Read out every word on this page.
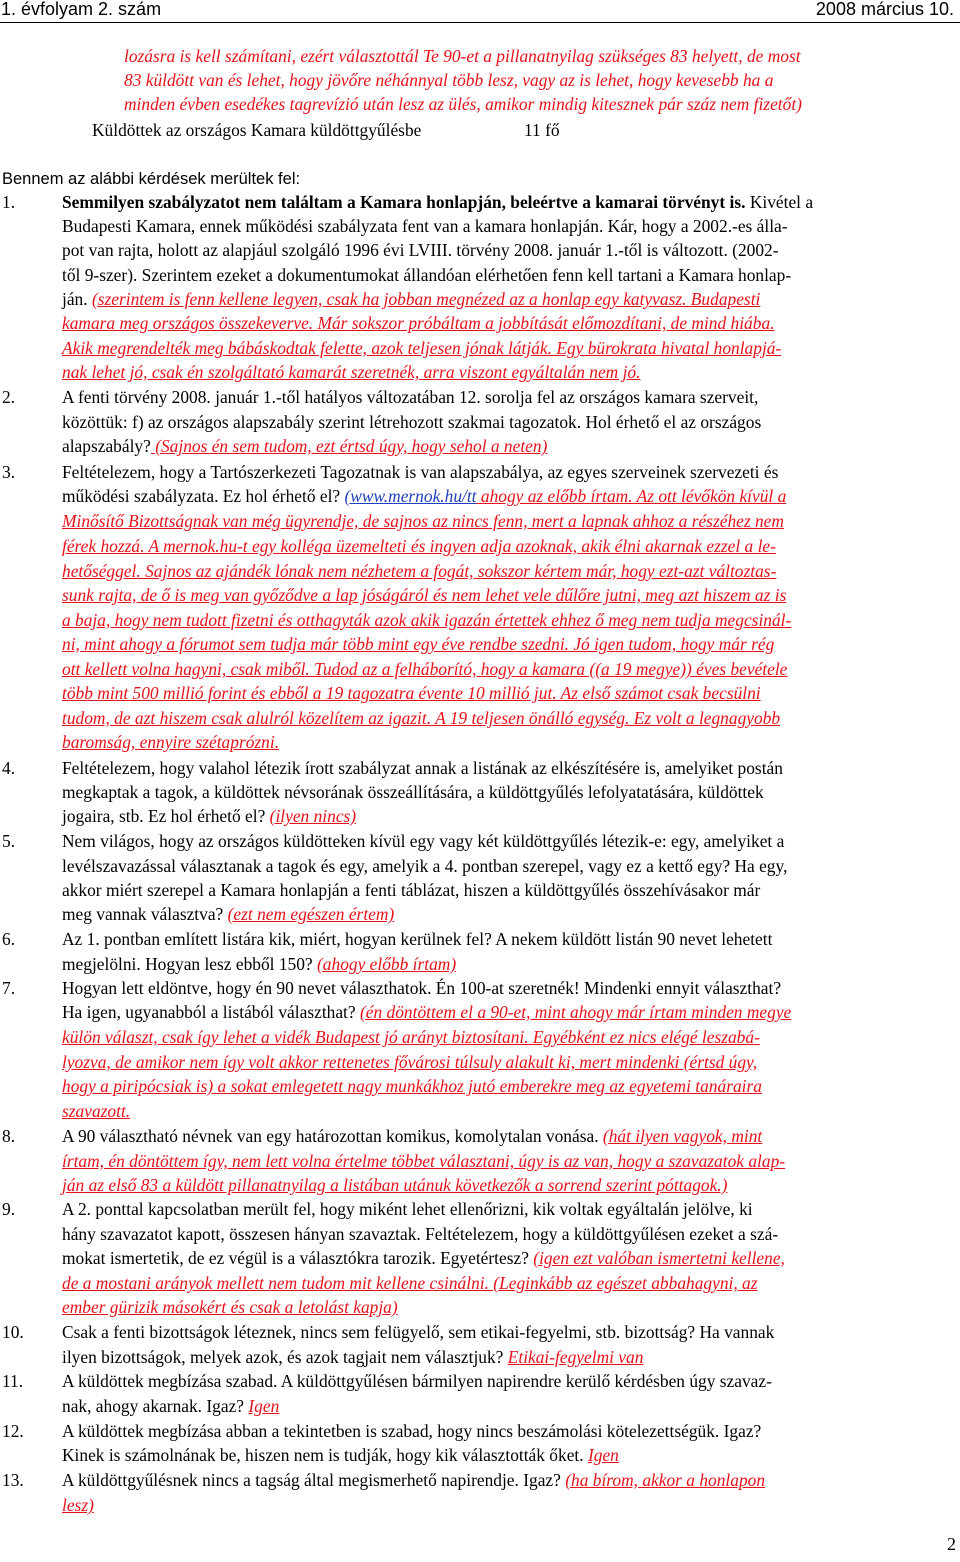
1. évfolyam 2. szám	2008 március 10.
lozásra is kell számítani, ezért választottál Te 90-et a pillanatnyilag szükséges 83 helyett, de most
83 küldött van és lehet, hogy jövőre néhánnyal több lesz, vagy az is lehet, hogy kevesebb ha a
minden évben esedékes tagrevízió után lesz az ülés, amikor mindig kitesznek pár száz nem fizetőt)
Küldöttek az országos Kamara küldöttgyűlésbe	11 fő
Bennem az alábbi kérdések merültek fel:
1.	Semmilyen szabályzatot nem találtam a Kamara honlapján, beleértve a kamarai törvényt is. Kivétel a
Budapesti Kamara, ennek működési szabályzata fent van a kamara honlapján. Kár, hogy a 2002.-es álla-
pot van rajta, holott az alapjául szolgáló 1996 évi LVIII. törvény 2008. január 1.-től is változott. (2002-
től 9-szer). Szerintem ezeket a dokumentumokat állandóan elérhetően fenn kell tartani a Kamara honlap-
ján. (szerintem is fenn kellene legyen, csak ha jobban megnézed az a honlap egy katyvasz. Budapesti
kamara meg országos összekeverve. Már sokszor próbáltam a jobbítását előmozdítani, de mind hiába.
Akik megrendelték meg bábáskodtak felette, azok teljesen jónak látják. Egy bürokrata hivatal honlapjá-
nak lehet jó, csak én szolgáltató kamarát szeretnék, arra viszont egyáltalán nem jó.
2.	A fenti törvény 2008. január 1.-től hatályos változatában 12. sorolja fel az országos kamara szerveit,
közöttük: f) az országos alapszabály szerint létrehozott szakmai tagozatok. Hol érhető el az országos
alapszabály? (Sajnos én sem tudom, ezt értsd úgy, hogy sehol a neten)
3.	Feltételezem, hogy a Tartószerkezeti Tagozatnak is van alapszabálya, az egyes szerveinek szervezeti és
működési szabályzata. Ez hol érhető el? (www.mernok.hu/tt ahogy az előbb írtam. Az ott lévőkön kívül a
Minősítő Bizottságnak van még ügyrendje, de sajnos az nincs fenn, mert a lapnak ahhoz a részéhez nem
férek hozzá. A mernok.hu-t egy kolléga üzemelteti és ingyen adja azoknak, akik élni akarnak ezzel a le-
hetőséggel. Sajnos az ajándék lónak nem nézhetem a fogát, sokszor kértem már, hogy ezt-azt változtas-
sunk rajta, de ő is meg van győződve a lap jóságáról és nem lehet vele dűlőre jutni, meg azt hiszem az is
a baja, hogy nem tudott fizetni és otthagyták azok akik igazán értettek ehhez ő meg nem tudja megcsinál-
ni, mint ahogy a fórumot sem tudja már több mint egy éve rendbe szedni. Jó igen tudom, hogy már rég
ott kellett volna hagyni, csak miből. Tudod az a felháborító, hogy a kamara ((a 19 megye)) éves bevétele
több mint 500 millió forint és ebből a 19 tagozatra évente 10 millió jut. Az első számot csak becsülni
tudom, de azt hiszem csak alulról közelítem az igazit. A 19 teljesen önálló egység. Ez volt a legnagyobb
baromság, ennyire szétaprózni.
4.	Feltételezem, hogy valahol létezik írott szabályzat annak a listának az elkészítésére is, amelyiket postán
megkaptak a tagok, a küldöttek névsorának összeállítására, a küldöttgyűlés lefolyatatására, küldöttek
jogaira, stb. Ez hol érhető el? (ilyen nincs)
5.	Nem világos, hogy az országos küldötteken kívül egy vagy két küldöttgyűlés létezik-e: egy, amelyiket a
levélszavazással választanak a tagok és egy, amelyik a 4. pontban szerepel, vagy ez a kettő egy? Ha egy,
akkor miért szerepel a Kamara honlapján a fenti táblázat, hiszen a küldöttgyűlés összehívásakor már
meg vannak választva? (ezt nem egészen értem)
6.	Az 1. pontban említett listára kik, miért, hogyan kerülnek fel? A nekem küldött listán 90 nevet lehetett
megjelölni. Hogyan lesz ebből 150? (ahogy előbb írtam)
7.	Hogyan lett eldöntve, hogy én 90 nevet választhatok. Én 100-at szeretnék! Mindenki ennyit választhat?
Ha igen, ugyanabból a listából választhat? (én döntöttem el a 90-et, mint ahogy már írtam minden megye
külön választ, csak így lehet a vidék Budapest jó arányt biztosítani. Egyébként ez nics elégé leszabá-
lyozva, de amikor nem így volt akkor rettenetes fővárosi túlsuly alakult ki, mert mindenki (értsd úgy,
hogy a piripócsiak is) a sokat emlegetett nagy munkákhoz jutó emberekre meg az egyetemi tanáraira
szavazott.
8.	A 90 választható névnek van egy határozottan komikus, komolytalan vonása. (hát ilyen vagyok, mint
írtam, én döntöttem így, nem lett volna értelme többet választani, úgy is az van, hogy a szavazatok alap-
ján az első 83 a küldött pillanatnyilag a listában utánuk következők a sorrend szerint póttagok.)
9.	A 2. ponttal kapcsolatban merült fel, hogy miként lehet ellenőrizni, kik voltak egyáltalán jelölve, ki
hány szavazatot kapott, összesen hányan szavaztak. Feltételezem, hogy a küldöttgyűlésen ezeket a szá-
mokat ismertetik, de ez végül is a választókra tarozik. Egyetértesz? (igen ezt valóban ismertetni kellene,
de a mostani arányok mellett nem tudom mit kellene csinálni. (Leginkább az egészet abbahagyni, az
ember gürizik másokért és csak a letolást kapja)
10. Csak a fenti bizottságok léteznek, nincs sem felügyelő, sem etikai-fegyelmi, stb. bizottság? Ha vannak
ilyen bizottságok, melyek azok, és azok tagjait nem választjuk? Etikai-fegyelmi van
11. A küldöttek megbízása szabad. A küldöttgyűlésen bármilyen napirendre kerülő kérdésben úgy szavaz-
nak, ahogy akarnak. Igaz? Igen
12. A küldöttek megbízása abban a tekintetben is szabad, hogy nincs beszámolási kötelezettségük. Igaz?
Kinek is számolnának be, hiszen nem is tudják, hogy kik választották őket. Igen
13. A küldöttgyűlésnek nincs a tagság által megismerhető napirendje. Igaz? (ha bírom, akkor a honlapon
lesz)
2
